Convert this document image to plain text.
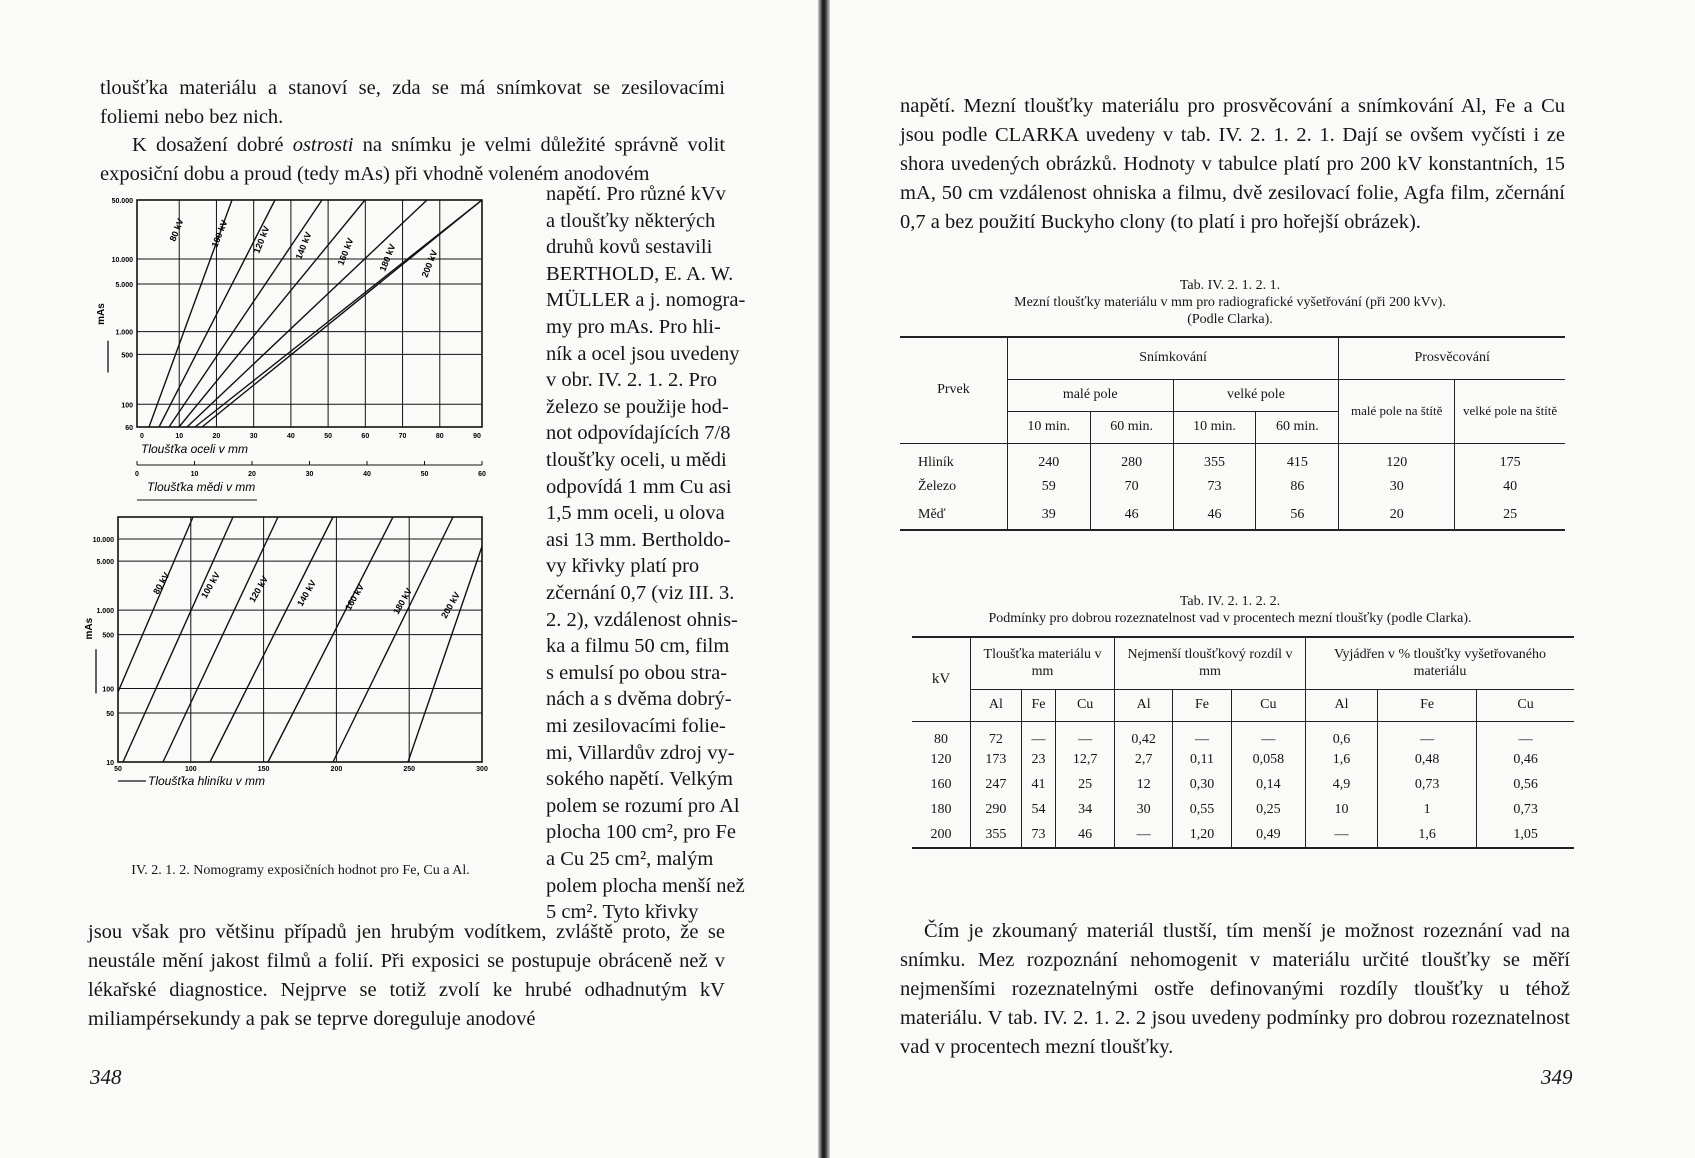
tloušťka materiálu a stanoví se, zda se má snímkovat se zesilovacími foliemi nebo bez nich.

K dosažení dobré ostrosti na snímku je velmi důležité správně volit exposiční dobu a proud (tedy mAs) při vhodně voleném anodovém

napětí. Pro různé kVv
a tloušťky některých
druhů kovů sestavili
BERTHOLD, E. A. W.
MÜLLER a j. nomogra-
my pro mAs. Pro hli-
ník a ocel jsou uvedeny
v obr. IV. 2. 1. 2. Pro
železo se použije hod-
not odpovídajících 7/8
tloušťky oceli, u mědi
odpovídá 1 mm Cu asi
1,5 mm oceli, u olova
asi 13 mm. Bertholdo-
vy křivky platí pro
zčernání 0,7 (viz III. 3.
2. 2), vzdálenost ohnis-
ka a filmu 50 cm, film
s emulsí po obou stra-
nách a s dvěma dobrý-
mi zesilovacími folie-
mi, Villardův zdroj vy-
sokého napětí. Velkým
polem se rozumí pro Al
plocha 100 cm², pro Fe
a Cu 25 cm², malým
polem plocha menší než
5 cm². Tyto křivky
50.000
10.000
5.000
1.000
500
100
60
0	10	20	30	40	50	60	70	80	90
Tloušťka oceli v mm
0	10	20	30	40	50	60
Tloušťka mědi v mm
mAs
80 kV	100 kV 120 kV 140 kV 160 kV 180 kV 200 kV
10.000
5.000
1.000
500
100
50
10
50	100	150	200	250	300
Tloušťka hliníku v mm
mAs
80 kV	100 kV	120 kV	140 kV	160 kV	180 kV	200 kV
IV. 2. 1. 2. Nomogramy exposičních hodnot pro Fe, Cu a Al.

jsou však pro většinu případů jen hrubým vodítkem, zvláště proto, že se neustále mění jakost filmů a folií. Při exposici se postupuje obráceně než v lékařské diagnostice. Nejprve se totiž zvolí ke hrubé odhadnutým kV miliampérsekundy a pak se teprve doreguluje anodové

348

napětí. Mezní tloušťky materiálu pro prosvěcování a snímkování Al, Fe a Cu jsou podle CLARKA uvedeny v tab. IV. 2. 1. 2. 1. Dají se ovšem vyčísti i ze shora uvedených obrázků. Hodnoty v tabulce platí pro 200 kV konstantních, 15 mA, 50 cm vzdálenost ohniska a filmu, dvě zesilovací folie, Agfa film, zčernání 0,7 a bez použití Buckyho clony (to platí i pro hořejší obrázek).

Tab. IV. 2. 1. 2. 1.
Mezní tloušťky materiálu v mm pro radiografické vyšetřování (při 200 kVv).
(Podle Clarka).
Prvek	Snímkování				Prosvěcování	
	malé pole		velké pole		malé pole na štítě	velké pole na štítě
	10 min.	60 min.	10 min.	60 min.		
Hliník	240	280	355	415	120	175
Železo	59	70	73	86	30	40
Měď	39	46	46	56	20	25
Tab. IV. 2. 1. 2. 2.
Podmínky pro dobrou rozeznatelnost vad v procentech mezní tloušťky (podle Clarka).
kV	Tloušťka materiálu v mm			Nejmenší tloušťkový rozdíl v mm			Vyjádřen v % tloušťky vyšetřovaného materiálu		
	Al	Fe	Cu	Al	Fe	Cu	Al	Fe	Cu
80	72	—	—	0,42	—	—	0,6	—	—
120	173	23	12,7	2,7	0,11	0,058	1,6	0,48	0,46
160	247	41	25	12	0,30	0,14	4,9	0,73	0,56
180	290	54	34	30	0,55	0,25	10	1	0,73
200	355	73	46	—	1,20	0,49	—	1,6	1,05

Čím je zkoumaný materiál tlustší, tím menší je možnost rozeznání vad na snímku. Mez rozpoznání nehomogenit v materiálu určité tloušťky se měří nejmenšími rozeznatelnými ostře definovanými rozdíly tloušťky u téhož materiálu. V tab. IV. 2. 1. 2. 2 jsou uvedeny podmínky pro dobrou rozeznatelnost vad v procentech mezní tloušťky.

349
